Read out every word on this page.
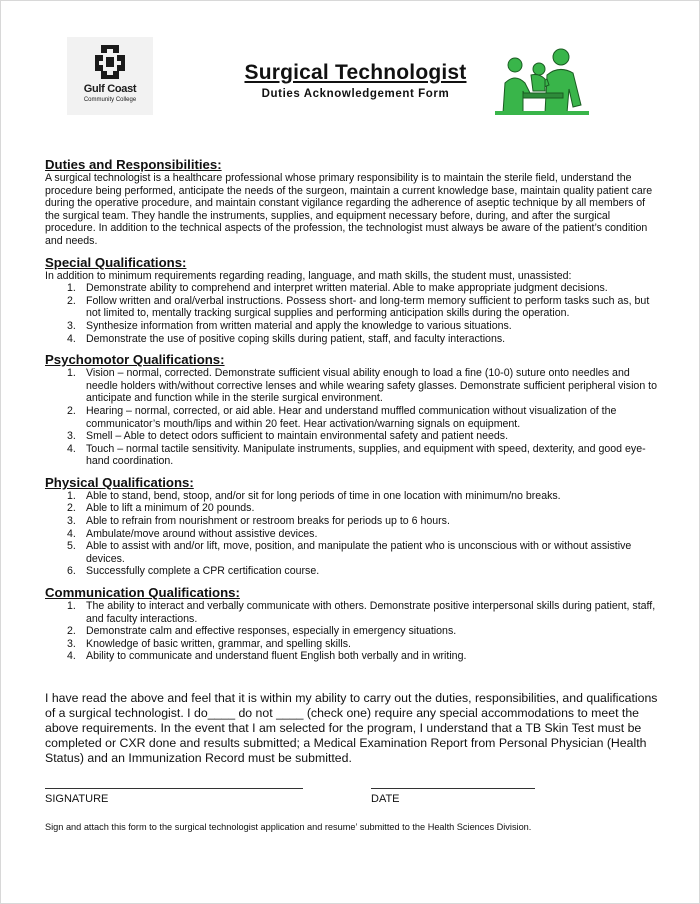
Gulf Coast
Community College
Surgical Technologist
Duties Acknowledgement Form

Duties and Responsibilities:

A surgical technologist is a healthcare professional whose primary responsibility is to maintain the sterile field, understand the procedure being performed, anticipate the needs of the surgeon, maintain a current knowledge base, maintain quality patient care during the operative procedure, and maintain constant vigilance regarding the adherence of aseptic technique by all members of the surgical team. They handle the instruments, supplies, and equipment necessary before, during, and after the surgical procedure. In addition to the technical aspects of the profession, the technologist must always be aware of the patient’s condition and needs.

Special Qualifications:

In addition to minimum requirements regarding reading, language, and math skills, the student must, unassisted:

1. Demonstrate ability to comprehend and interpret written material. Able to make appropriate judgment decisions.
2. Follow written and oral/verbal instructions. Possess short- and long-term memory sufficient to perform tasks such as, but not limited to, mentally tracking surgical supplies and performing anticipation skills during the operation.
3. Synthesize information from written material and apply the knowledge to various situations.
4. Demonstrate the use of positive coping skills during patient, staff, and faculty interactions.

Psychomotor Qualifications:

1. Vision – normal, corrected. Demonstrate sufficient visual ability enough to load a fine (10-0) suture onto needles and needle holders with/without corrective lenses and while wearing safety glasses. Demonstrate sufficient peripheral vision to anticipate and function while in the sterile surgical environment.
2. Hearing – normal, corrected, or aid able. Hear and understand muffled communication without visualization of the communicator’s mouth/lips and within 20 feet. Hear activation/warning signals on equipment.
3. Smell – Able to detect odors sufficient to maintain environmental safety and patient needs.
4. Touch – normal tactile sensitivity. Manipulate instruments, supplies, and equipment with speed, dexterity, and good eye-hand coordination.

Physical Qualifications:

1. Able to stand, bend, stoop, and/or sit for long periods of time in one location with minimum/no breaks.
2. Able to lift a minimum of 20 pounds.
3. Able to refrain from nourishment or restroom breaks for periods up to 6 hours.
4. Ambulate/move around without assistive devices.
5. Able to assist with and/or lift, move, position, and manipulate the patient who is unconscious with or without assistive devices.
6. Successfully complete a CPR certification course.

Communication Qualifications:

1. The ability to interact and verbally communicate with others. Demonstrate positive interpersonal skills during patient, staff, and faculty interactions.
2. Demonstrate calm and effective responses, especially in emergency situations.
3. Knowledge of basic written, grammar, and spelling skills.
4. Ability to communicate and understand fluent English both verbally and in writing.

I have read the above and feel that it is within my ability to carry out the duties, responsibilities, and qualifications of a surgical technologist. I do____ do not ____ (check one) require any special accommodations to meet the above requirements. In the event that I am selected for the program, I understand that a TB Skin Test must be completed or CXR done and results submitted; a Medical Examination Report from Personal Physician (Health Status) and an Immunization Record must be submitted.

SIGNATURE	DATE

Sign and attach this form to the surgical technologist application and resume’ submitted to the Health Sciences Division.
